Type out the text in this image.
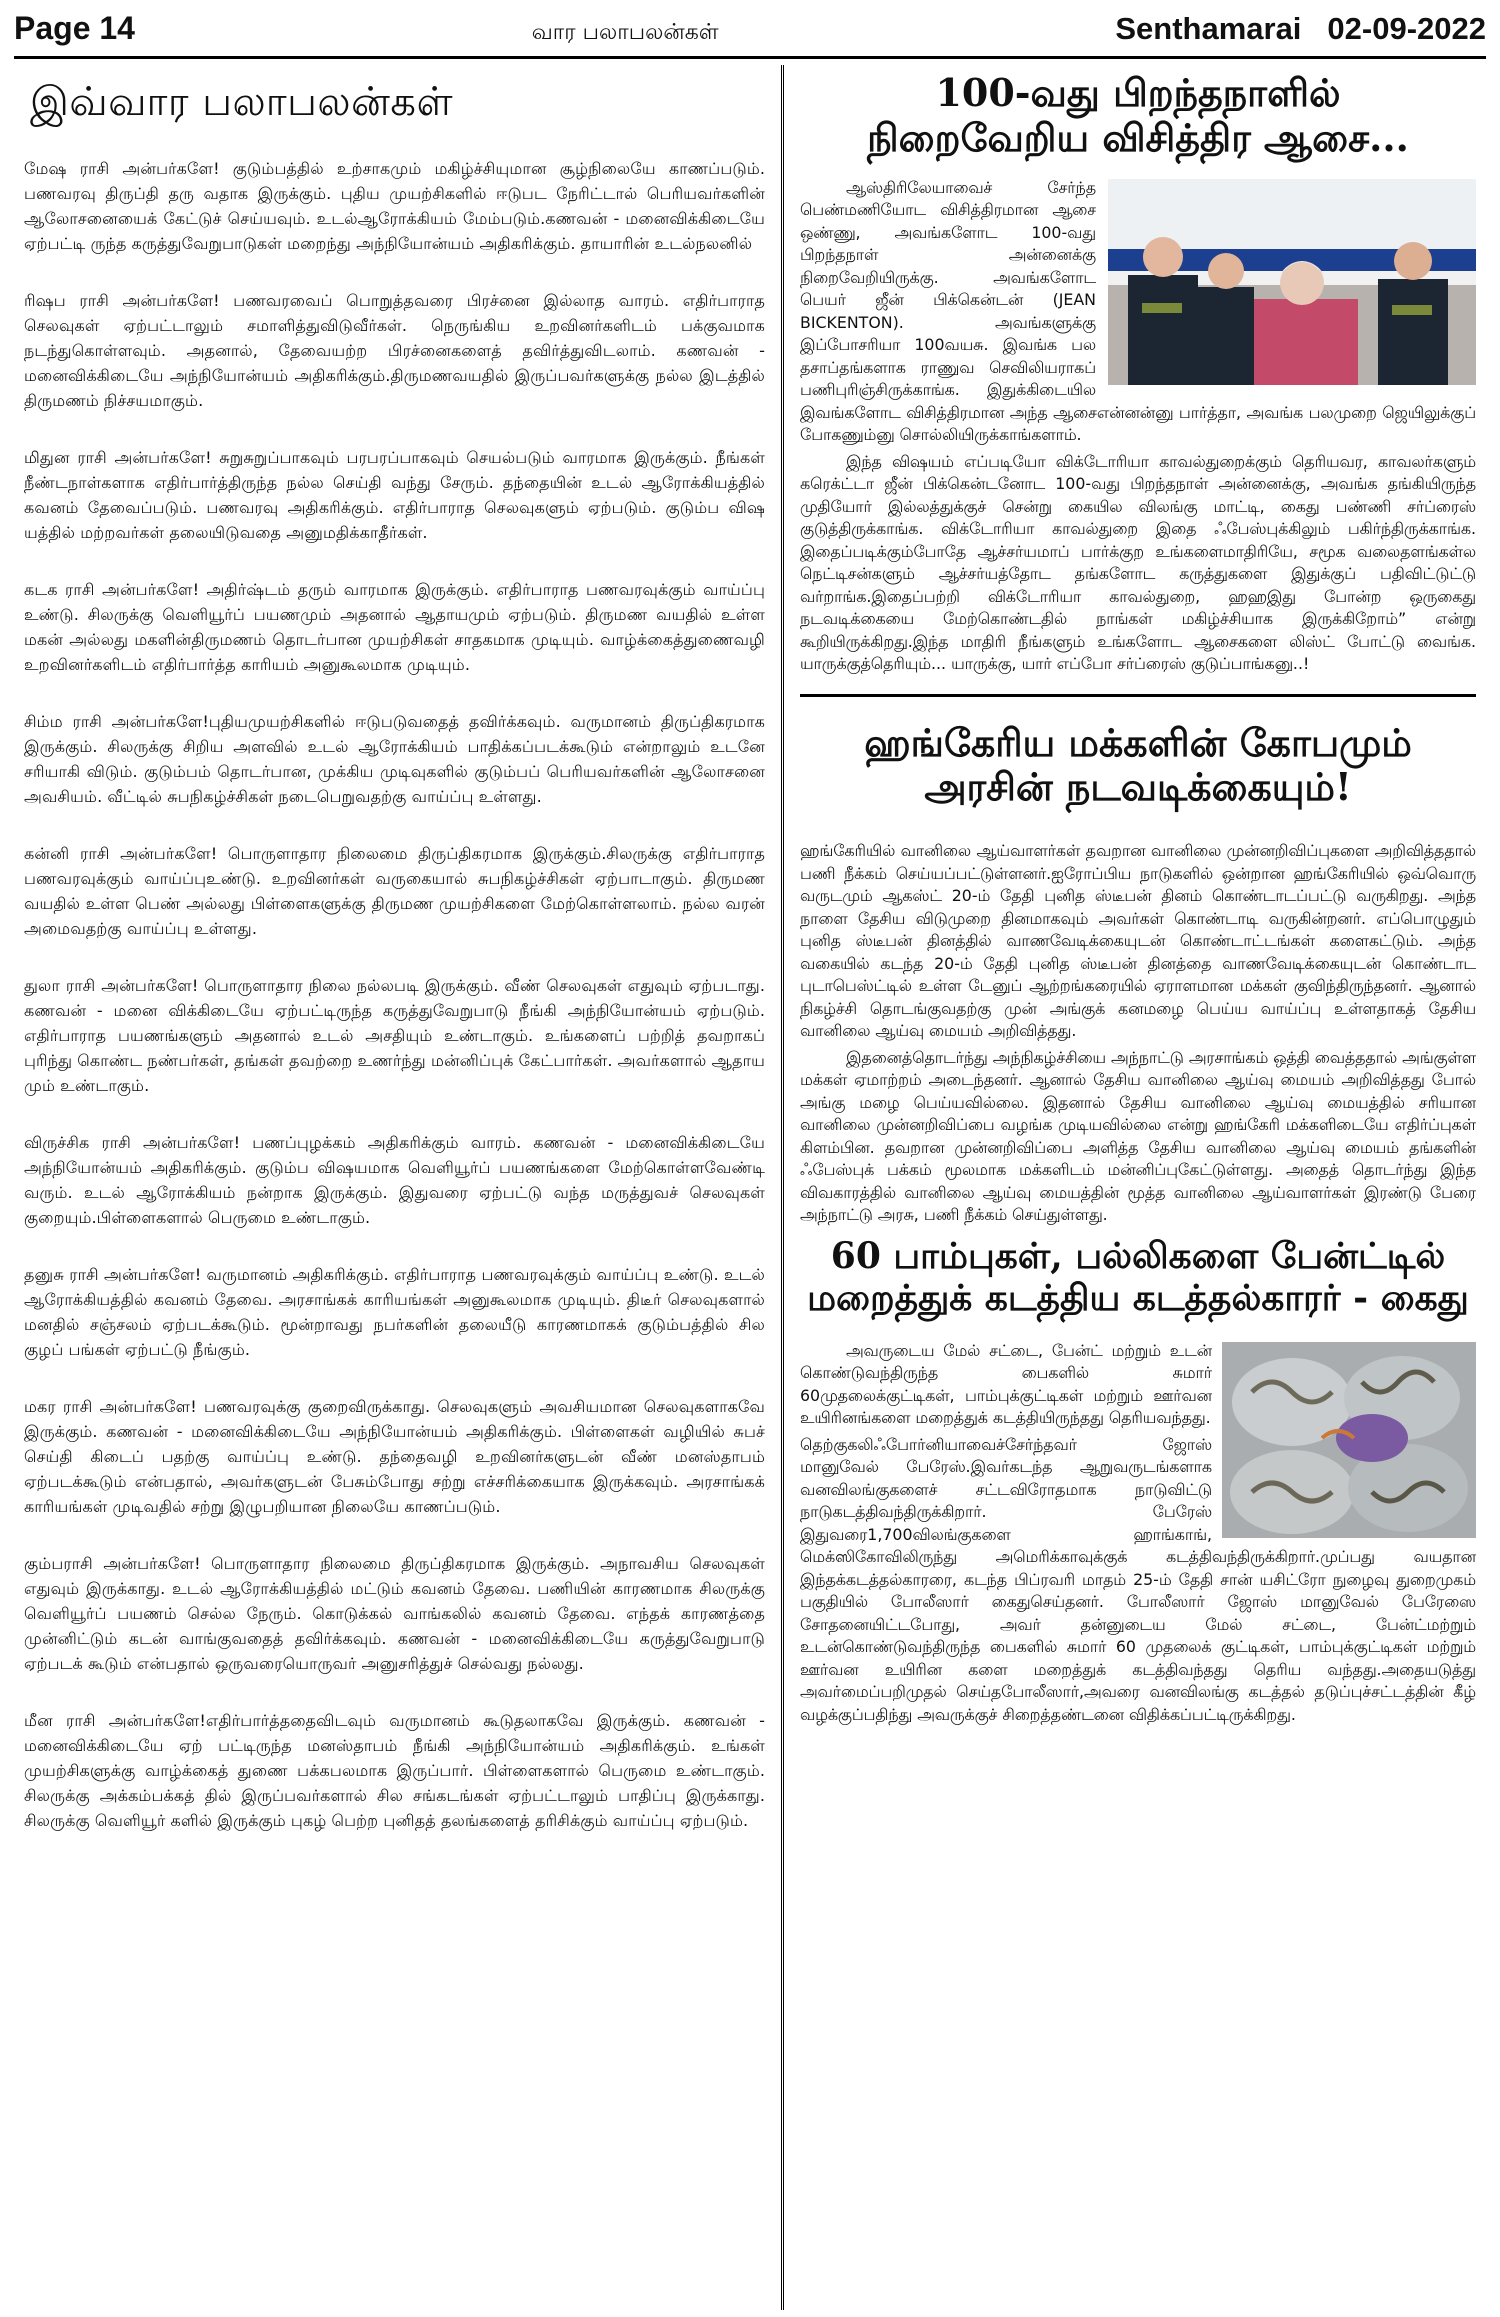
Page 14	வார பலாபலன்கள்	Senthamarai 02-09-2022
இவ்வார பலாபலன்கள்

மேஷ ராசி அன்பர்களே! குடும்பத்தில் உற்சாகமும் மகிழ்ச்சியுமான சூழ்நிலையே காணப்படும். பணவரவு திருப்தி தரு வதாக இருக்கும். புதிய முயற்சிகளில் ஈடுபட நேரிட்டால் பெரியவர்களின் ஆலோசனையைக் கேட்டுச் செய்யவும். உடல்ஆரோக்கியம் மேம்படும்.கணவன் - மனைவிக்கிடையே ஏற்பட்டி ருந்த கருத்துவேறுபாடுகள் மறைந்து அந்நியோன்யம் அதிகரிக்கும். தாயாரின் உடல்நலனில்

ரிஷப ராசி அன்பர்களே! பணவரவைப் பொறுத்தவரை பிரச்னை இல்லாத வாரம். எதிர்பாராத செலவுகள் ஏற்பட்டாலும் சமாளித்துவிடுவீர்கள். நெருங்கிய உறவினர்களிடம் பக்குவமாக நடந்துகொள்ளவும். அதனால், தேவையற்ற பிரச்னைகளைத் தவிர்த்துவிடலாம். கணவன் - மனைவிக்கிடையே அந்நியோன்யம் அதிகரிக்கும்.திருமணவயதில் இருப்பவர்களுக்கு நல்ல இடத்தில் திருமணம் நிச்சயமாகும்.

மிதுன ராசி அன்பர்களே! சுறுசுறுப்பாகவும் பரபரப்பாகவும் செயல்படும் வாரமாக இருக்கும். நீங்கள் நீண்டநாள்களாக எதிர்பார்த்திருந்த நல்ல செய்தி வந்து சேரும். தந்தையின் உடல் ஆரோக்கியத்தில் கவனம் தேவைப்படும். பணவரவு அதிகரிக்கும். எதிர்பாராத செலவுகளும் ஏற்படும். குடும்ப விஷ யத்தில் மற்றவர்கள் தலையிடுவதை அனுமதிக்காதீர்கள்.

கடக ராசி அன்பர்களே! அதிர்ஷ்டம் தரும் வாரமாக இருக்கும். எதிர்பாராத பணவரவுக்கும் வாய்ப்பு உண்டு. சிலருக்கு வெளியூர்ப் பயணமும் அதனால் ஆதாயமும் ஏற்படும். திருமண வயதில் உள்ள மகன் அல்லது மகளின்திருமணம் தொடர்பான முயற்சிகள் சாதகமாக முடியும். வாழ்க்கைத்துணைவழி உறவினர்களிடம் எதிர்பார்த்த காரியம் அனுகூலமாக முடியும்.

சிம்ம ராசி அன்பர்களே!புதியமுயற்சிகளில் ஈடுபடுவதைத் தவிர்க்கவும். வருமானம் திருப்திகரமாக இருக்கும். சிலருக்கு சிறிய அளவில் உடல் ஆரோக்கியம் பாதிக்கப்படக்கூடும் என்றாலும் உடனே சரியாகி விடும். குடும்பம் தொடர்பான, முக்கிய முடிவுகளில் குடும்பப் பெரியவர்களின் ஆலோசனை அவசியம். வீட்டில் சுபநிகழ்ச்சிகள் நடைபெறுவதற்கு வாய்ப்பு உள்ளது.

கன்னி ராசி அன்பர்களே! பொருளாதார நிலைமை திருப்திகரமாக இருக்கும்.சிலருக்கு எதிர்பாராத பணவரவுக்கும் வாய்ப்புஉண்டு. உறவினர்கள் வருகையால் சுபநிகழ்ச்சிகள் ஏற்பாடாகும். திருமண வயதில் உள்ள பெண் அல்லது பிள்ளைகளுக்கு திருமண முயற்சிகளை மேற்கொள்ளலாம். நல்ல வரன் அமைவதற்கு வாய்ப்பு உள்ளது.

துலா ராசி அன்பர்களே! பொருளாதார நிலை நல்லபடி இருக்கும். வீண் செலவுகள் எதுவும் ஏற்படாது. கணவன் - மனை விக்கிடையே ஏற்பட்டிருந்த கருத்துவேறுபாடு நீங்கி அந்நியோன்யம் ஏற்படும். எதிர்பாராத பயணங்களும் அதனால் உடல் அசதியும் உண்டாகும். உங்களைப் பற்றித் தவறாகப் புரிந்து கொண்ட நண்பர்கள், தங்கள் தவற்றை உணர்ந்து மன்னிப்புக் கேட்பார்கள். அவர்களால் ஆதாய மும் உண்டாகும்.

விருச்சிக ராசி அன்பர்களே! பணப்புழக்கம் அதிகரிக்கும் வாரம். கணவன் - மனைவிக்கிடையே அந்நியோன்யம் அதிகரிக்கும். குடும்ப விஷயமாக வெளியூர்ப் பயணங்களை மேற்கொள்ளவேண்டி வரும். உடல் ஆரோக்கியம் நன்றாக இருக்கும். இதுவரை ஏற்பட்டு வந்த மருத்துவச் செலவுகள் குறையும்.பிள்ளைகளால் பெருமை உண்டாகும்.

தனுசு ராசி அன்பர்களே! வருமானம் அதிகரிக்கும். எதிர்பாராத பணவரவுக்கும் வாய்ப்பு உண்டு. உடல் ஆரோக்கியத்தில் கவனம் தேவை. அரசாங்கக் காரியங்கள் அனுகூலமாக முடியும். திடீர் செலவுகளால் மனதில் சஞ்சலம் ஏற்படக்கூடும். மூன்றாவது நபர்களின் தலையீடு காரணமாகக் குடும்பத்தில் சில குழப் பங்கள் ஏற்பட்டு நீங்கும்.

மகர ராசி அன்பர்களே! பணவரவுக்கு குறைவிருக்காது. செலவுகளும் அவசியமான செலவுகளாகவே இருக்கும். கணவன் - மனைவிக்கிடையே அந்நியோன்யம் அதிகரிக்கும். பிள்ளைகள் வழியில் சுபச் செய்தி கிடைப் பதற்கு வாய்ப்பு உண்டு. தந்தைவழி உறவினர்களுடன் வீண் மனஸ்தாபம் ஏற்படக்கூடும் என்பதால், அவர்களுடன் பேசும்போது சற்று எச்சரிக்கையாக இருக்கவும். அரசாங்கக் காரியங்கள் முடிவதில் சற்று இழுபறியான நிலையே காணப்படும்.

கும்பராசி அன்பர்களே! பொருளாதார நிலைமை திருப்திகரமாக இருக்கும். அநாவசிய செலவுகள் எதுவும் இருக்காது. உடல் ஆரோக்கியத்தில் மட்டும் கவனம் தேவை. பணியின் காரணமாக சிலருக்கு வெளியூர்ப் பயணம் செல்ல நேரும். கொடுக்கல் வாங்கலில் கவனம் தேவை. எந்தக் காரணத்தை முன்னிட்டும் கடன் வாங்குவதைத் தவிர்க்கவும். கணவன் - மனைவிக்கிடையே கருத்துவேறுபாடு ஏற்படக் கூடும் என்பதால் ஒருவரையொருவர் அனுசரித்துச் செல்வது நல்லது.

மீன ராசி அன்பர்களே!எதிர்பார்த்ததைவிடவும் வருமானம் கூடுதலாகவே இருக்கும். கணவன் - மனைவிக்கிடையே ஏற் பட்டிருந்த மனஸ்தாபம் நீங்கி அந்நியோன்யம் அதிகரிக்கும். உங்கள் முயற்சிகளுக்கு வாழ்க்கைத் துணை பக்கபலமாக இருப்பார். பிள்ளைகளால் பெருமை உண்டாகும். சிலருக்கு அக்கம்பக்கத் தில் இருப்பவர்களால் சில சங்கடங்கள் ஏற்பட்டாலும் பாதிப்பு இருக்காது. சிலருக்கு வெளியூர் களில் இருக்கும் புகழ் பெற்ற புனிதத் தலங்களைத் தரிசிக்கும் வாய்ப்பு ஏற்படும்.

100-வது பிறந்தநாளில்
நிறைவேறிய விசித்திர ஆசை...

ஆஸ்திரிலேயாவைச் சேர்ந்த பெண்மணியோட விசித்திரமான ஆசை ஒண்ணு, அவங்களோட 100-வது பிறந்தநாள் அன்னைக்கு நிறைவேறியிருக்கு. அவங்களோட பெயர் ஜீன் பிக்கென்டன் (JEAN BICKENTON). அவங்களுக்கு இப்போசரியா 100வயசு. இவங்க பல தசாப்தங்களாக ராணுவ செவிலியராகப் பணிபுரிஞ்சிருக்காங்க. இதுக்கிடையில இவங்களோட விசித்திரமான அந்த ஆசைஎன்னன்னு பார்த்தா, அவங்க பலமுறை ஜெயிலுக்குப் போகணும்னு சொல்லியிருக்காங்களாம்.

இந்த விஷயம் எப்படியோ விக்டோரியா காவல்துறைக்கும் தெரியவர, காவலர்களும் கரெக்ட்டா ஜீன் பிக்கென்டனோட 100-வது பிறந்தநாள் அன்னைக்கு, அவங்க தங்கியிருந்த முதியோர் இல்லத்துக்குச் சென்று கையில விலங்கு மாட்டி, கைது பண்ணி சர்ப்ரைஸ் குடுத்திருக்காங்க. விக்டோரியா காவல்துறை இதை ஃபேஸ்புக்கிலும் பகிர்ந்திருக்காங்க. இதைப்படிக்கும்போதே ஆச்சர்யமாப் பார்க்குற உங்களைமாதிரியே, சமூக வலைதளங்கள்ல நெட்டிசன்களும் ஆச்சர்யத்தோட தங்களோட கருத்துகளை இதுக்குப் பதிவிட்டுட்டு வர்றாங்க.இதைப்பற்றி விக்டோரியா காவல்துறை, ஹஹஇது போன்ற ஒருகைது நடவடிக்கையை மேற்கொண்டதில் நாங்கள் மகிழ்ச்சியாக இருக்கிறோம்” என்று கூறியிருக்கிறது.இந்த மாதிரி நீங்களும் உங்களோட ஆசைகளை லிஸ்ட் போட்டு வைங்க. யாருக்குத்தெரியும்... யாருக்கு, யார் எப்போ சர்ப்ரைஸ் குடுப்பாங்கனு..!

ஹங்கேரிய மக்களின் கோபமும்
அரசின் நடவடிக்கையும்!

ஹங்கேரியில் வானிலை ஆய்வாளர்கள் தவறான வானிலை முன்னறிவிப்புகளை அறிவித்ததால் பணி நீக்கம் செய்யப்பட்டுள்ளனர்.ஐரோப்பிய நாடுகளில் ஒன்றான ஹங்கேரியில் ஒவ்வொரு வருடமும் ஆகஸ்ட் 20-ம் தேதி புனித ஸ்டீபன் தினம் கொண்டாடப்பட்டு வருகிறது. அந்த நாளை தேசிய விடுமுறை தினமாகவும் அவர்கள் கொண்டாடி வருகின்றனர். எப்பொழுதும் புனித ஸ்டீபன் தினத்தில் வாணவேடிக்கையுடன் கொண்டாட்டங்கள் களைகட்டும். அந்த வகையில் கடந்த 20-ம் தேதி புனித ஸ்டீபன் தினத்தை வாணவேடிக்கையுடன் கொண்டாட புடாபெஸ்ட்டில் உள்ள டேனுப் ஆற்றங்கரையில் ஏராளமான மக்கள் குவிந்திருந்தனர். ஆனால் நிகழ்ச்சி தொடங்குவதற்கு முன் அங்குக் கனமழை பெய்ய வாய்ப்பு உள்ளதாகத் தேசிய வானிலை ஆய்வு மையம் அறிவித்தது.

இதனைத்தொடர்ந்து அந்நிகழ்ச்சியை அந்நாட்டு அரசாங்கம் ஒத்தி வைத்ததால் அங்குள்ள மக்கள் ஏமாற்றம் அடைந்தனர். ஆனால் தேசிய வானிலை ஆய்வு மையம் அறிவித்தது போல் அங்கு மழை பெய்யவில்லை. இதனால் தேசிய வானிலை ஆய்வு மையத்தில் சரியான வானிலை முன்னறிவிப்பை வழங்க முடியவில்லை என்று ஹங்கேரி மக்களிடையே எதிர்ப்புகள் கிளம்பின. தவறான முன்னறிவிப்பை அளித்த தேசிய வானிலை ஆய்வு மையம் தங்களின் ஃபேஸ்புக் பக்கம் மூலமாக மக்களிடம் மன்னிப்புகேட்டுள்ளது. அதைத் தொடர்ந்து இந்த விவகாரத்தில் வானிலை ஆய்வு மையத்தின் மூத்த வானிலை ஆய்வாளர்கள் இரண்டு பேரை அந்நாட்டு அரசு, பணி நீக்கம் செய்துள்ளது.

60 பாம்புகள், பல்லிகளை பேன்ட்டில்
மறைத்துக் கடத்திய கடத்தல்காரர் - கைது

அவருடைய மேல் சட்டை, பேன்ட் மற்றும் உடன் கொண்டுவந்திருந்த பைகளில் சுமார் 60முதலைக்குட்டிகள், பாம்புக்குட்டிகள் மற்றும் ஊர்வன உயிரினங்களை மறைத்துக் கடத்தியிருந்தது தெரியவந்தது.

தெற்குகலிஃபோர்னியாவைச்சேர்ந்தவர் ஜோஸ் மானுவேல் பேரேஸ்.இவர்கடந்த ஆறுவருடங்களாக வனவிலங்குகளைச் சட்டவிரோதமாக நாடுவிட்டு நாடுகடத்திவந்திருக்கிறார். பேரேஸ் இதுவரை1,700விலங்குகளை ஹாங்காங், மெக்ஸிகோவிலிருந்து அமெரிக்காவுக்குக் கடத்திவந்திருக்கிறார்.முப்பது வயதான இந்தக்கடத்தல்காரரை, கடந்த பிப்ரவரி மாதம் 25-ம் தேதி சான் யசிட்ரோ நுழைவு துறைமுகம் பகுதியில் போலீஸார் கைதுசெய்தனர். போலீஸார் ஜோஸ் மானுவேல் பேரேஸை சோதனையிட்டபோது, அவர் தன்னுடைய மேல் சட்டை, பேன்ட்மற்றும் உடன்கொண்டுவந்திருந்த பைகளில் சுமார் 60 முதலைக் குட்டிகள், பாம்புக்குட்டிகள் மற்றும் ஊர்வன உயிரின களை மறைத்துக் கடத்திவந்தது தெரிய வந்தது.அதையடுத்து அவர்மைப்பறிமுதல் செய்தபோலீஸார்,அவரை வனவிலங்கு கடத்தல் தடுப்புச்சட்டத்தின் கீழ் வழக்குப்பதிந்து அவருக்குச் சிறைத்தண்டனை விதிக்கப்பட்டிருக்கிறது.
